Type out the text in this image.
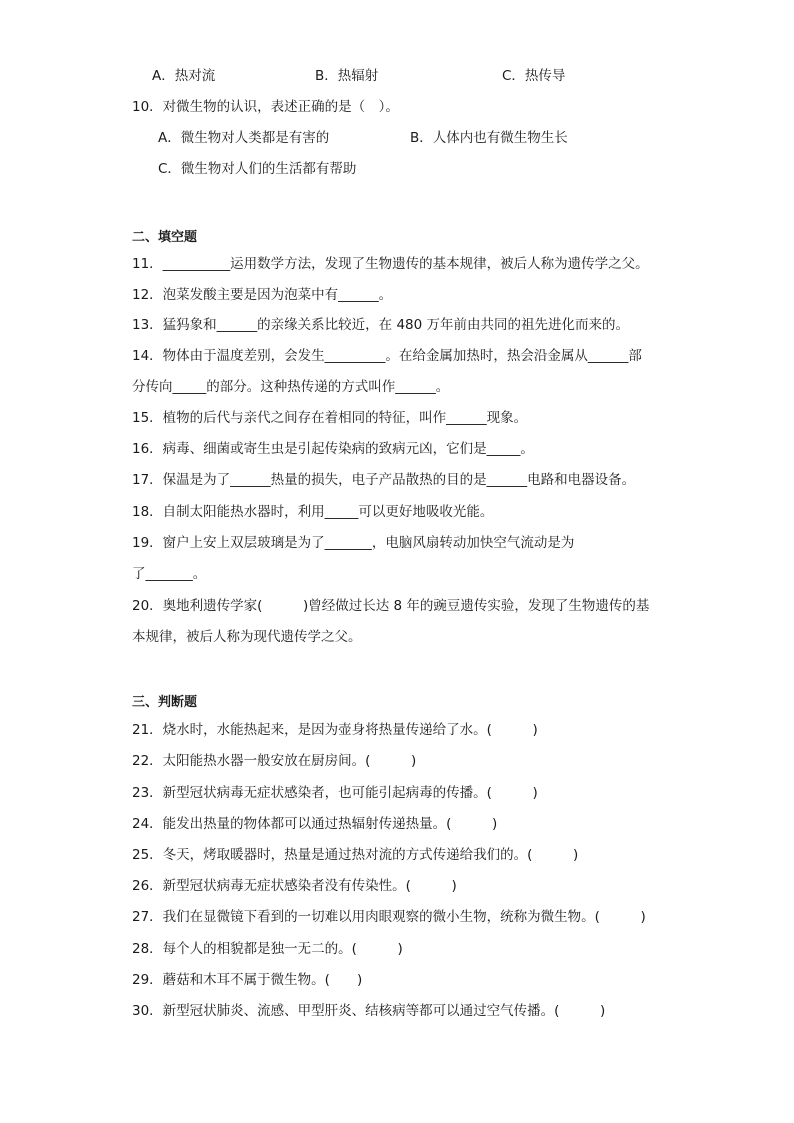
A．热对流	B．热辐射	C．热传导
10．对微生物的认识，表述正确的是（　）。
A．微生物对人类都是有害的	B．人体内也有微生物生长
C．微生物对人们的生活都有帮助
二、填空题
11．__________运用数学方法，发现了生物遗传的基本规律，被后人称为遗传学之父。
12．泡菜发酸主要是因为泡菜中有______。
13．猛犸象和______的亲缘关系比较近，在 480 万年前由共同的祖先进化而来的。
14．物体由于温度差别，会发生_________。在给金属加热时，热会沿金属从______部
分传向_____的部分。这种热传递的方式叫作______。
15．植物的后代与亲代之间存在着相同的特征，叫作______现象。
16．病毒、细菌或寄生虫是引起传染病的致病元凶，它们是_____。
17．保温是为了______热量的损失，电子产品散热的目的是______电路和电器设备。
18．自制太阳能热水器时，利用_____可以更好地吸收光能。
19．窗户上安上双层玻璃是为了_______，电脑风扇转动加快空气流动是为
了_______。
20．奥地利遗传学家(　　　)曾经做过长达 8 年的豌豆遗传实验，发现了生物遗传的基
本规律，被后人称为现代遗传学之父。
三、判断题
21．烧水时，水能热起来，是因为壶身将热量传递给了水。(　　　)
22．太阳能热水器一般安放在厨房间。(　　　)
23．新型冠状病毒无症状感染者，也可能引起病毒的传播。(　　　)
24．能发出热量的物体都可以通过热辐射传递热量。(　　　)
25．冬天，烤取暖器时，热量是通过热对流的方式传递给我们的。(　　　)
26．新型冠状病毒无症状感染者没有传染性。(　　　)
27．我们在显微镜下看到的一切难以用肉眼观察的微小生物，统称为微生物。(　　　)
28．每个人的相貌都是独一无二的。(　　　)
29．蘑菇和木耳不属于微生物。(　　)
30．新型冠状肺炎、流感、甲型肝炎、结核病等都可以通过空气传播。(　　　)
